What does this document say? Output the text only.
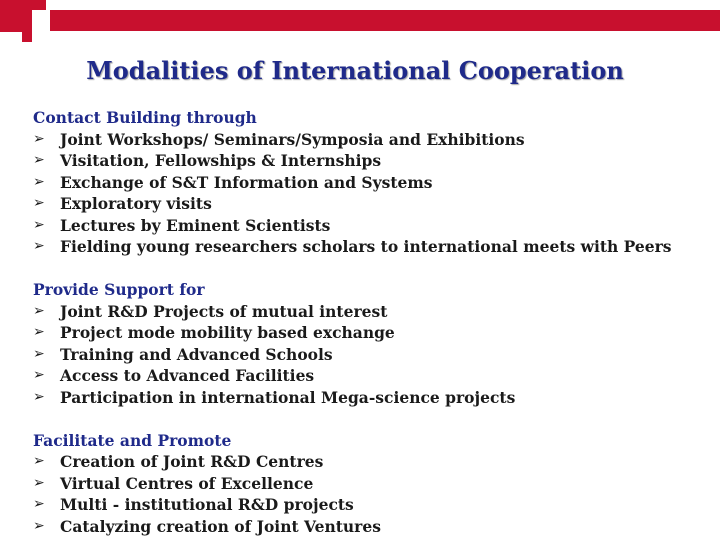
Modalities of International Cooperation
Contact Building through
➢ Joint Workshops/ Seminars/Symposia and Exhibitions
➢ Visitation, Fellowships & Internships
➢ Exchange of S&T Information and Systems
➢ Exploratory visits
➢ Lectures by Eminent Scientists
➢ Fielding young researchers scholars to international meets with Peers
Provide Support for
➢ Joint R&D Projects of mutual interest
➢ Project mode mobility based exchange
➢ Training and Advanced Schools
➢ Access to Advanced Facilities
➢ Participation in international Mega-science projects
Facilitate and Promote
➢ Creation of Joint R&D Centres
➢ Virtual Centres of Excellence
➢ Multi - institutional R&D projects
➢ Catalyzing creation of Joint Ventures
